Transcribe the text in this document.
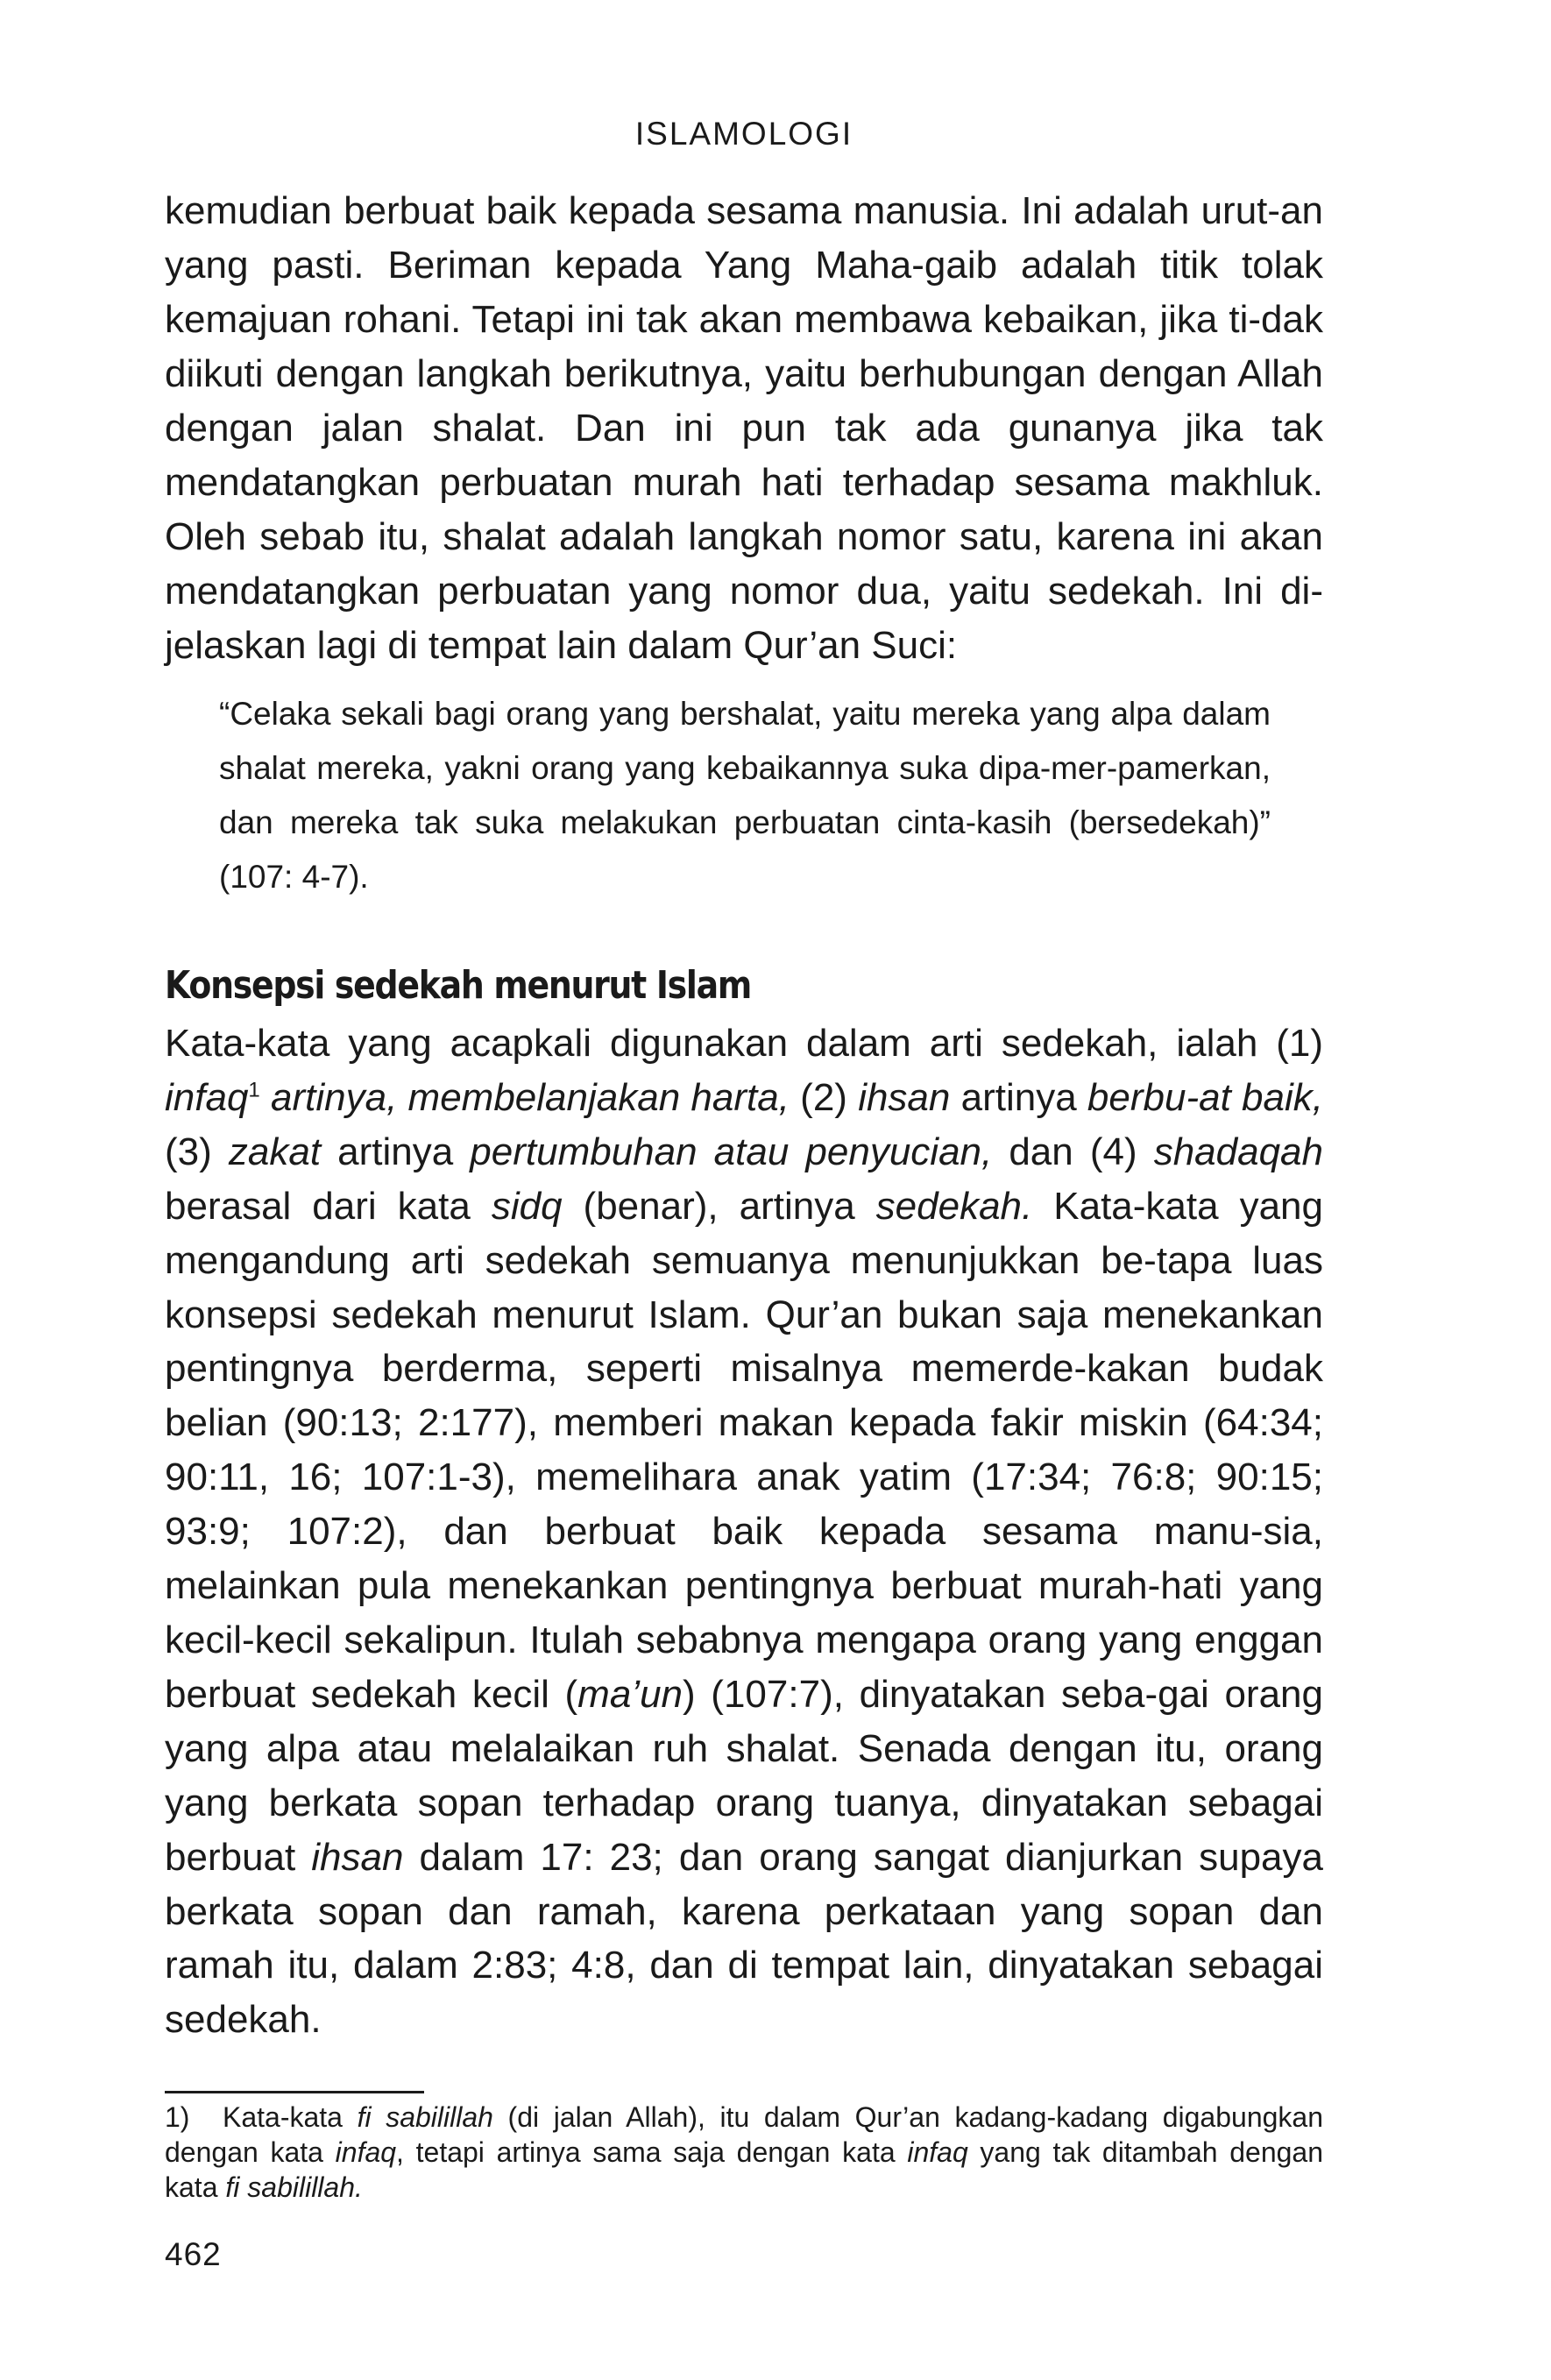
ISLAMOLOGI

kemudian berbuat baik kepada sesama manusia. Ini adalah urut-an yang pasti. Beriman kepada Yang Maha-gaib adalah titik tolak kemajuan rohani. Tetapi ini tak akan membawa kebaikan, jika ti-dak diikuti dengan langkah berikutnya, yaitu berhubungan dengan Allah dengan jalan shalat. Dan ini pun tak ada gunanya jika tak mendatangkan perbuatan murah hati terhadap sesama makhluk. Oleh sebab itu, shalat adalah langkah nomor satu, karena ini akan mendatangkan perbuatan yang nomor dua, yaitu sedekah. Ini di-jelaskan lagi di tempat lain dalam Qur’an Suci:

“Celaka sekali bagi orang yang bershalat, yaitu mereka yang alpa dalam shalat mereka, yakni orang yang kebaikannya suka dipa-mer-pamerkan, dan mereka tak suka melakukan perbuatan cinta-kasih (bersedekah)” (107: 4-7).
Konsepsi sedekah menurut Islam

Kata-kata yang acapkali digunakan dalam arti sedekah, ialah (1) infaq$^1$ artinya, membelanjakan harta, (2) ihsan artinya berbu-at baik, (3) zakat artinya pertumbuhan atau penyucian, dan (4) shadaqah berasal dari kata sidq (benar), artinya sedekah. Kata-kata yang mengandung arti sedekah semuanya menunjukkan be-tapa luas konsepsi sedekah menurut Islam. Qur’an bukan saja menekankan pentingnya berderma, seperti misalnya memerde-kakan budak belian (90:13; 2:177), memberi makan kepada fakir miskin (64:34; 90:11, 16; 107:1-3), memelihara anak yatim (17:34; 76:8; 90:15; 93:9; 107:2), dan berbuat baik kepada sesama manu-sia, melainkan pula menekankan pentingnya berbuat murah-hati yang kecil-kecil sekalipun. Itulah sebabnya mengapa orang yang enggan berbuat sedekah kecil (ma’un) (107:7), dinyatakan seba-gai orang yang alpa atau melalaikan ruh shalat. Senada dengan itu, orang yang berkata sopan terhadap orang tuanya, dinyatakan sebagai berbuat ihsan dalam 17: 23; dan orang sangat dianjurkan supaya berkata sopan dan ramah, karena perkataan yang sopan dan ramah itu, dalam 2:83; 4:8, dan di tempat lain, dinyatakan sebagai sedekah.

1) Kata-kata fi sabilillah (di jalan Allah), itu dalam Qur’an kadang-kadang digabungkan dengan kata infaq, tetapi artinya sama saja dengan kata infaq yang tak ditambah dengan kata fi sabilillah.

462
